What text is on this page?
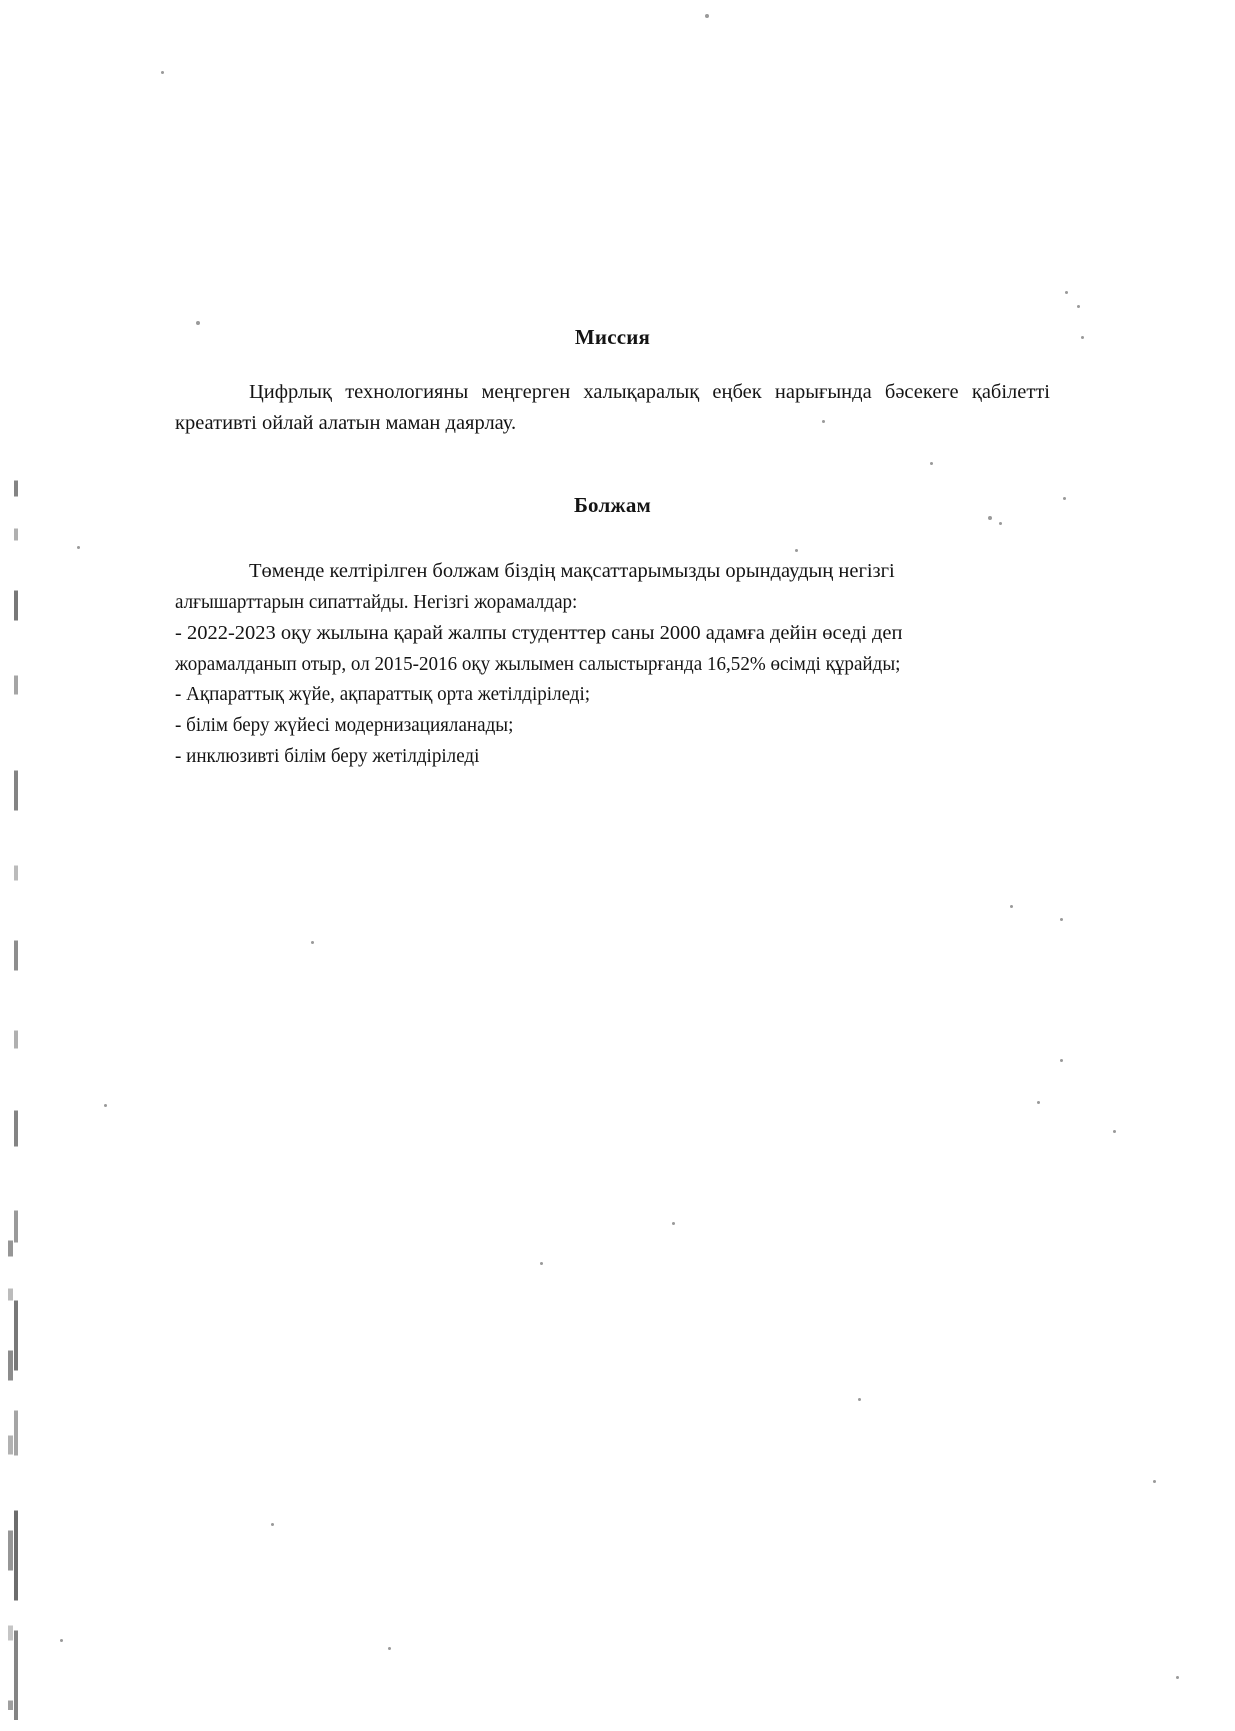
Миссия

Цифрлық технологияны меңгерген халықаралық еңбек нарығында бәсекеге қабілетті креативті ойлай алатын маман даярлау.

Болжам
Төменде келтірілген болжам біздің мақсаттарымызды орындаудың негізгі
алғышарттарын сипаттайды. Негізгі жорамалдар:
- 2022-2023 оқу жылына қарай жалпы студенттер саны 2000 адамға дейін өседі деп
жорамалданып отыр, ол 2015-2016 оқу жылымен салыстырғанда 16,52% өсімді құрайды;
- Ақпараттық жүйе, ақпараттық орта жетілдіріледі;
- білім беру жүйесі модернизацияланады;
- инклюзивті білім беру жетілдіріледі
